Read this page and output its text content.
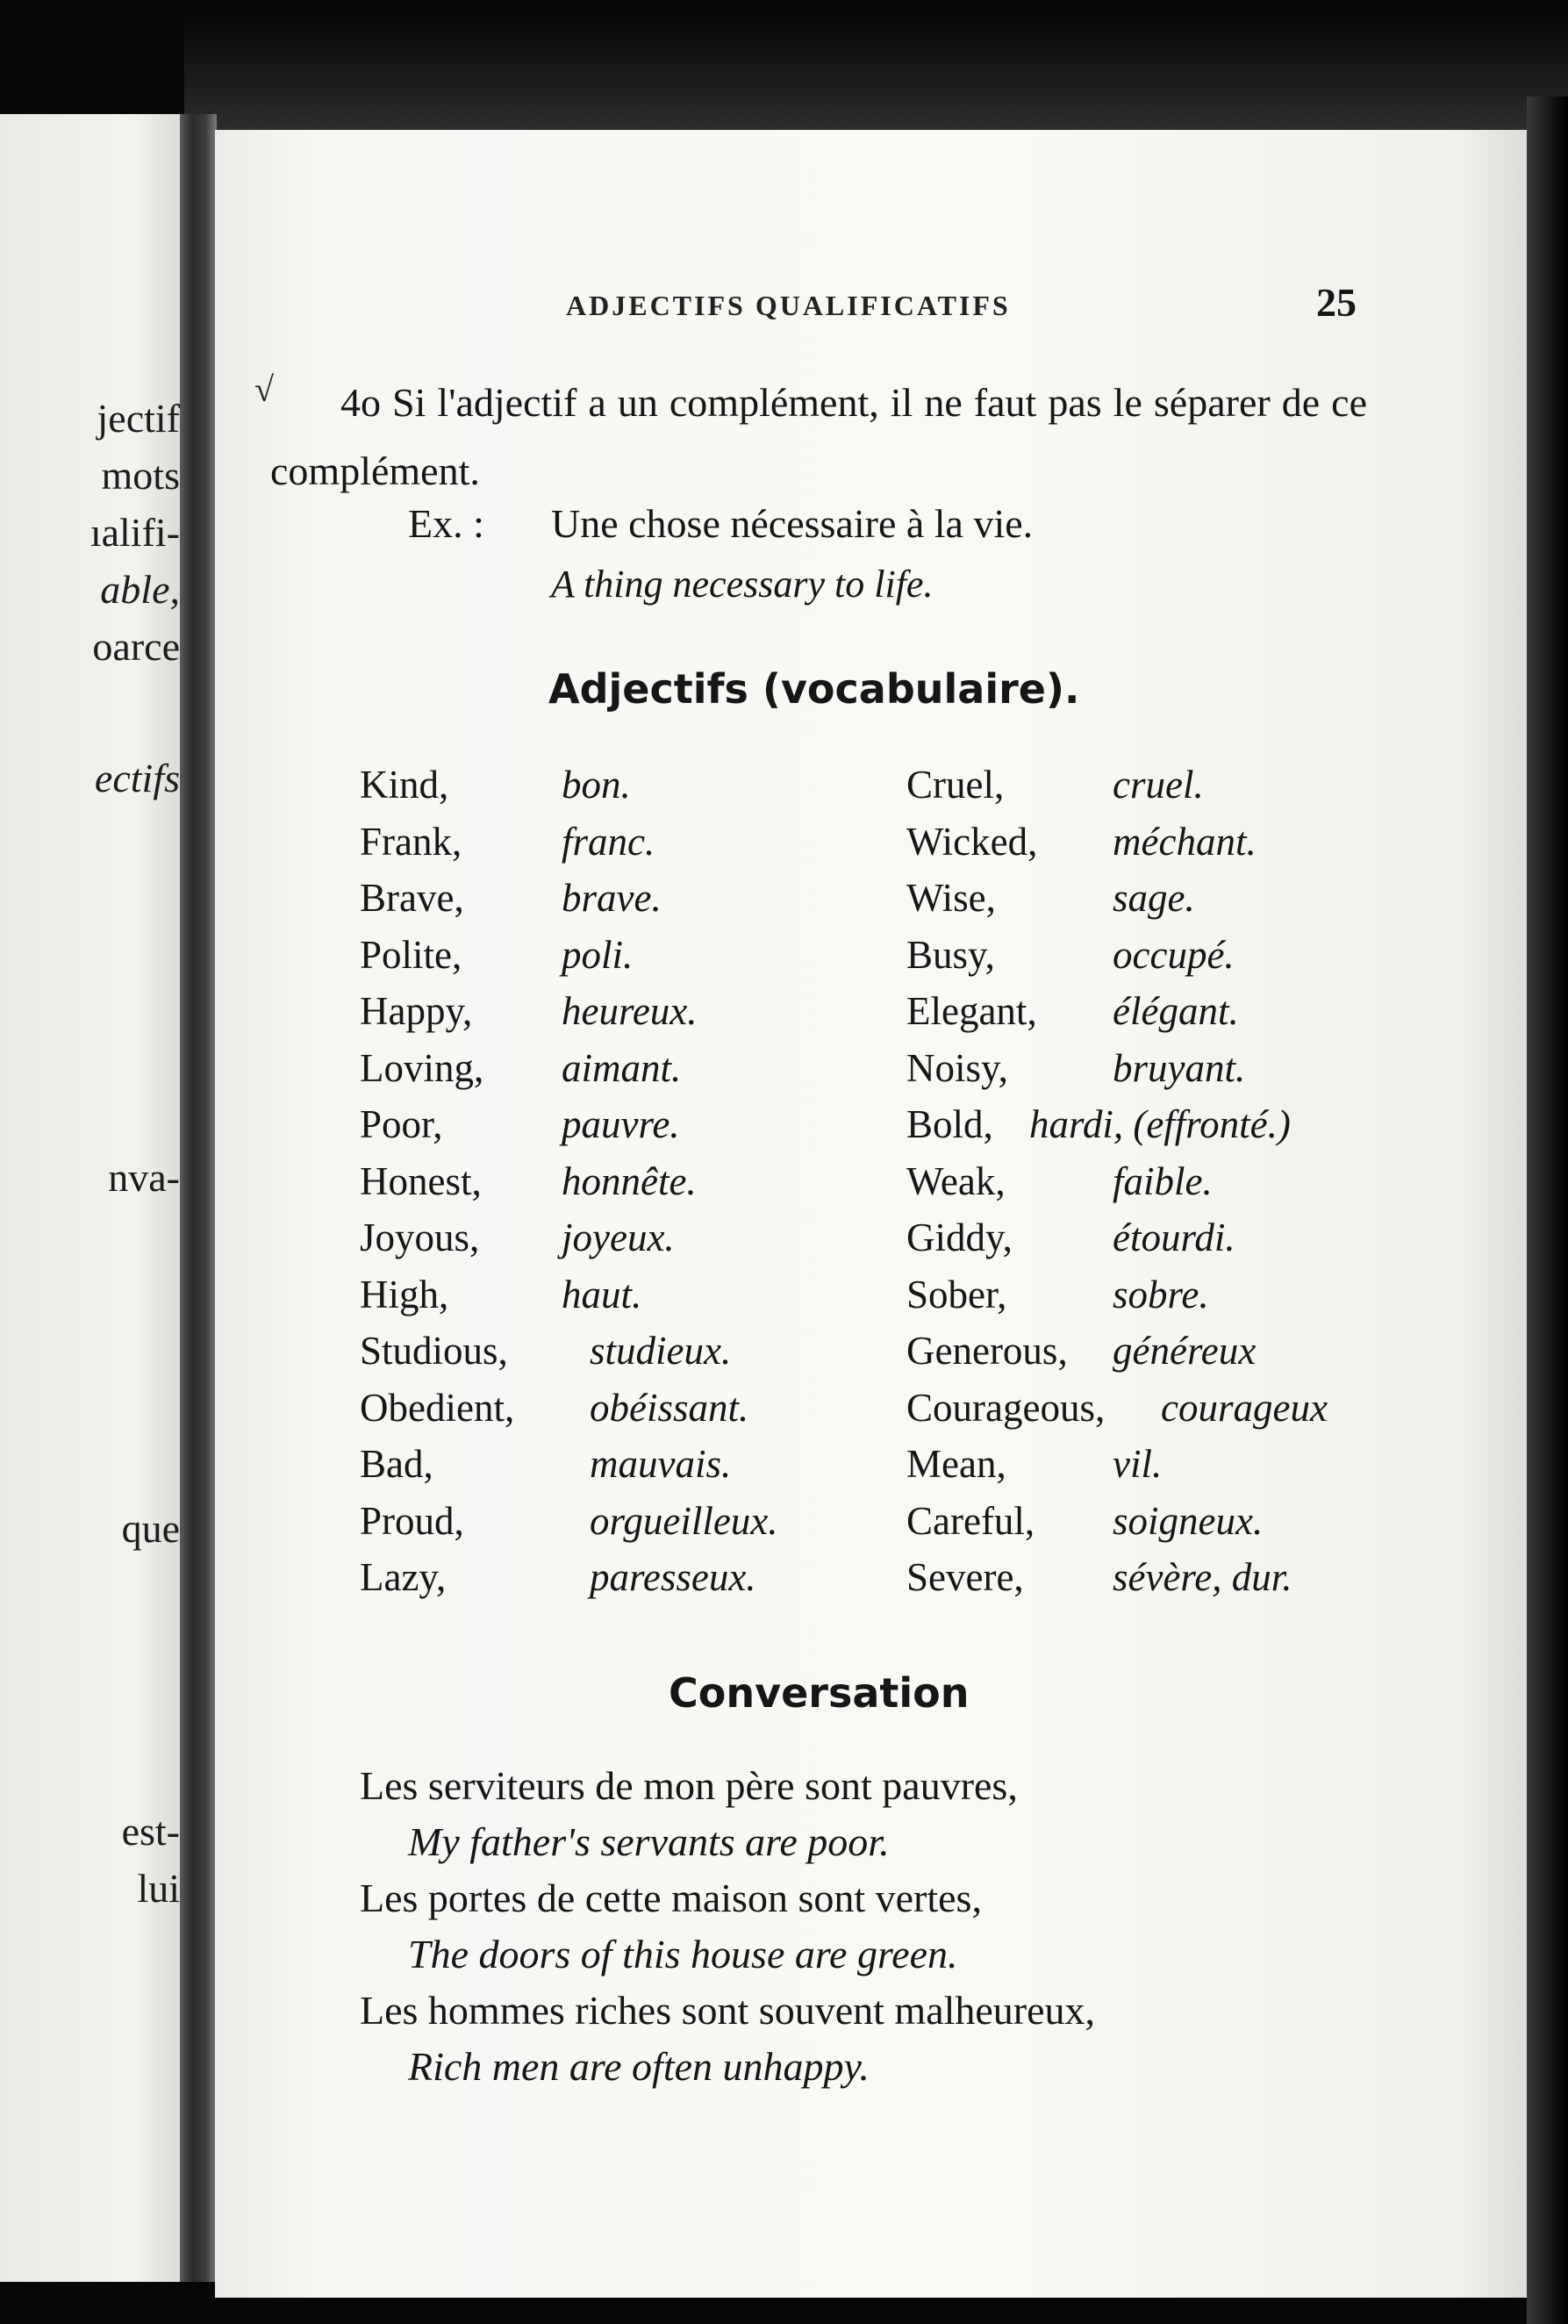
jectif
mots
ıalifi-
able,
oarce
ectifs
nva-
que
est-
lui
ADJECTIFS QUALIFICATIFS	25
√	4o Si l'adjectif a un complément, il ne faut pas le séparer de ce complément.
Ex. : Une chose nécessaire à la vie.
A thing necessary to life.
Adjectifs (vocabulaire).
Kind,	bon.
Frank,	franc.
Brave, brave.
Polite,	poli.
Happy, heureux.
Loving, aimant.
Poor,	pauvre.
Honest, honnête.
Joyous, joyeux.
High,	haut.
Studious, studieux.
Obedient, obéissant.
Bad,	mauvais.
Proud,	orgueilleux.
Lazy,	paresseux.
Cruel,	cruel.
Wicked, méchant.
Wise,	sage.
Busy,	occupé.
Elegant, élégant.
Noisy,	bruyant.
Bold, hardi, (effronté.)
Weak,	faible.
Giddy,	étourdi.
Sober,	sobre.
Generous, généreux
Courageous, courageux
Mean,	vil.
Careful, soigneux.
Severe, sévère, dur.
Conversation
Les serviteurs de mon père sont pauvres,
My father's servants are poor.
Les portes de cette maison sont vertes,
The doors of this house are green.
Les hommes riches sont souvent malheureux,
Rich men are often unhappy.
